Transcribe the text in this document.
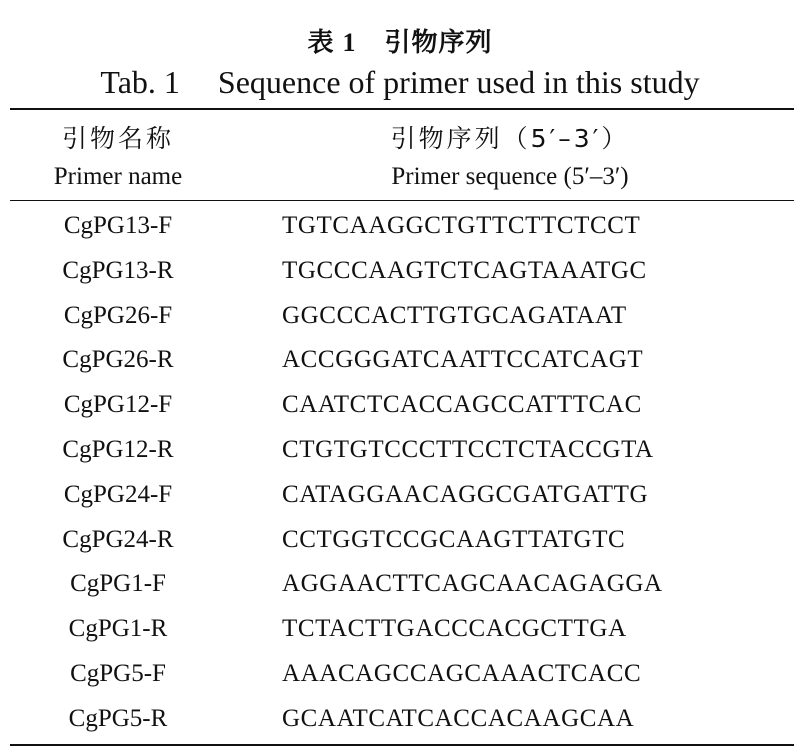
表 1 引物序列
Tab. 1 Sequence of primer used in this study
引物名称
Primer name
引物序列（5′–3′）
Primer sequence (5′–3′)
CgPG13-F	TGTCAAGGCTGTTCTTCTCCT
CgPG13-R	TGCCCAAGTCTCAGTAAATGC
CgPG26-F	GGCCCACTTGTGCAGATAAT
CgPG26-R	ACCGGGATCAATTCCATCAGT
CgPG12-F	CAATCTCACCAGCCATTTCAC
CgPG12-R	CTGTGTCCCTTCCTCTACCGTA
CgPG24-F	CATAGGAACAGGCGATGATTG
CgPG24-R	CCTGGTCCGCAAGTTATGTC
CgPG1-F	AGGAACTTCAGCAACAGAGGA
CgPG1-R	TCTACTTGACCCACGCTTGA
CgPG5-F	AAACAGCCAGCAAACTCACC
CgPG5-R	GCAATCATCACCACAAGCAA
